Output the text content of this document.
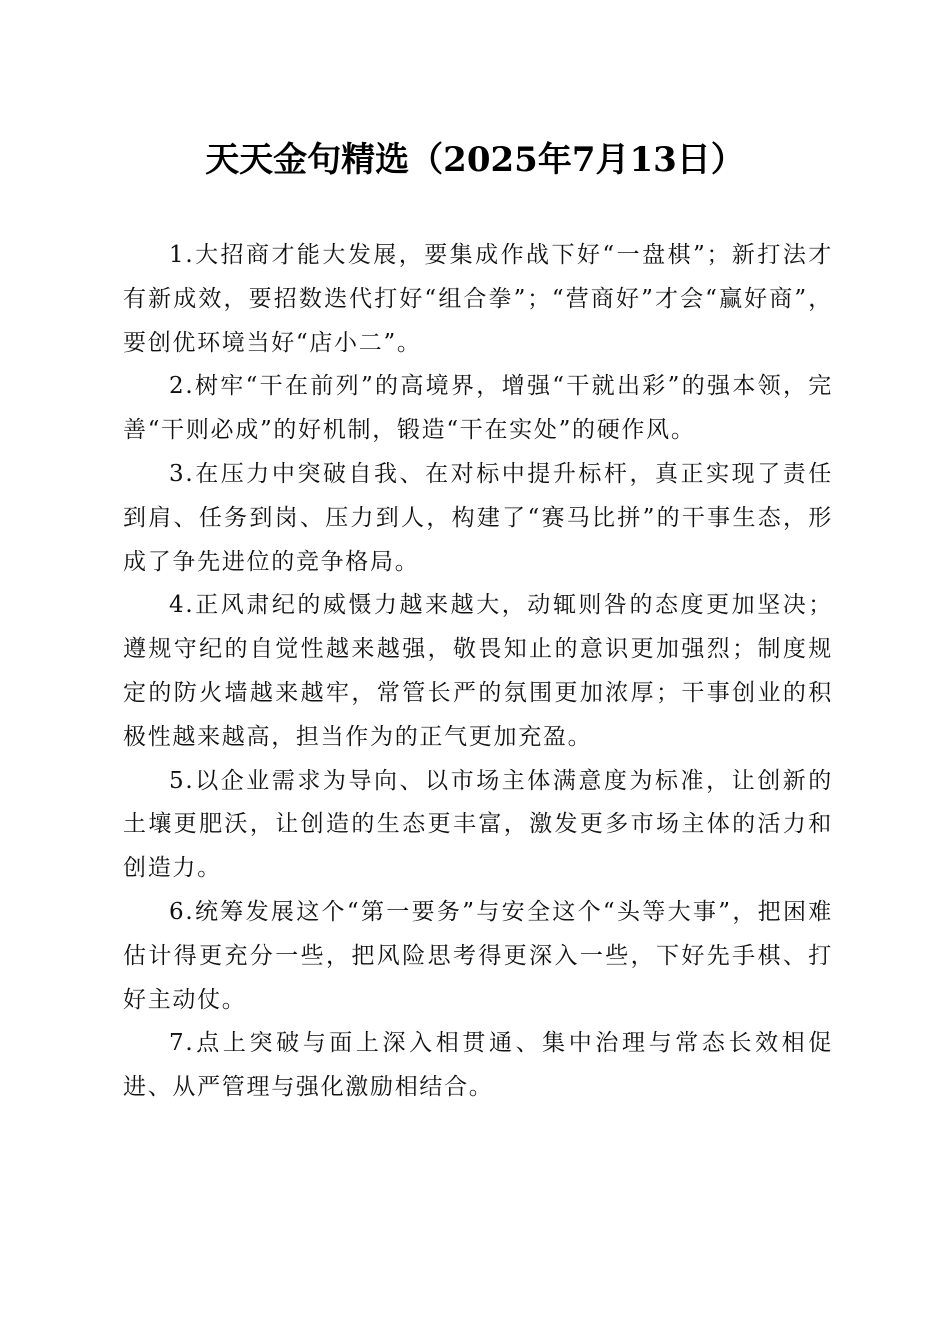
天天金句精选（2025年7月13日）

1.大招商才能大发展，要集成作战下好“一盘棋”；新打法才有新成效，要招数迭代打好“组合拳”；“营商好”才会“赢好商”，要创优环境当好“店小二”。

2.树牢“干在前列”的高境界，增强“干就出彩”的强本领，完善“干则必成”的好机制，锻造“干在实处”的硬作风。

3.在压力中突破自我、在对标中提升标杆，真正实现了责任到肩、任务到岗、压力到人，构建了“赛马比拼”的干事生态，形成了争先进位的竞争格局。

4.正风肃纪的威慑力越来越大，动辄则咎的态度更加坚决；遵规守纪的自觉性越来越强，敬畏知止的意识更加强烈；制度规定的防火墙越来越牢，常管长严的氛围更加浓厚；干事创业的积极性越来越高，担当作为的正气更加充盈。

5.以企业需求为导向、以市场主体满意度为标准，让创新的土壤更肥沃，让创造的生态更丰富，激发更多市场主体的活力和创造力。

6.统筹发展这个“第一要务”与安全这个“头等大事”，把困难估计得更充分一些，把风险思考得更深入一些，下好先手棋、打好主动仗。

7.点上突破与面上深入相贯通、集中治理与常态长效相促进、从严管理与强化激励相结合。
